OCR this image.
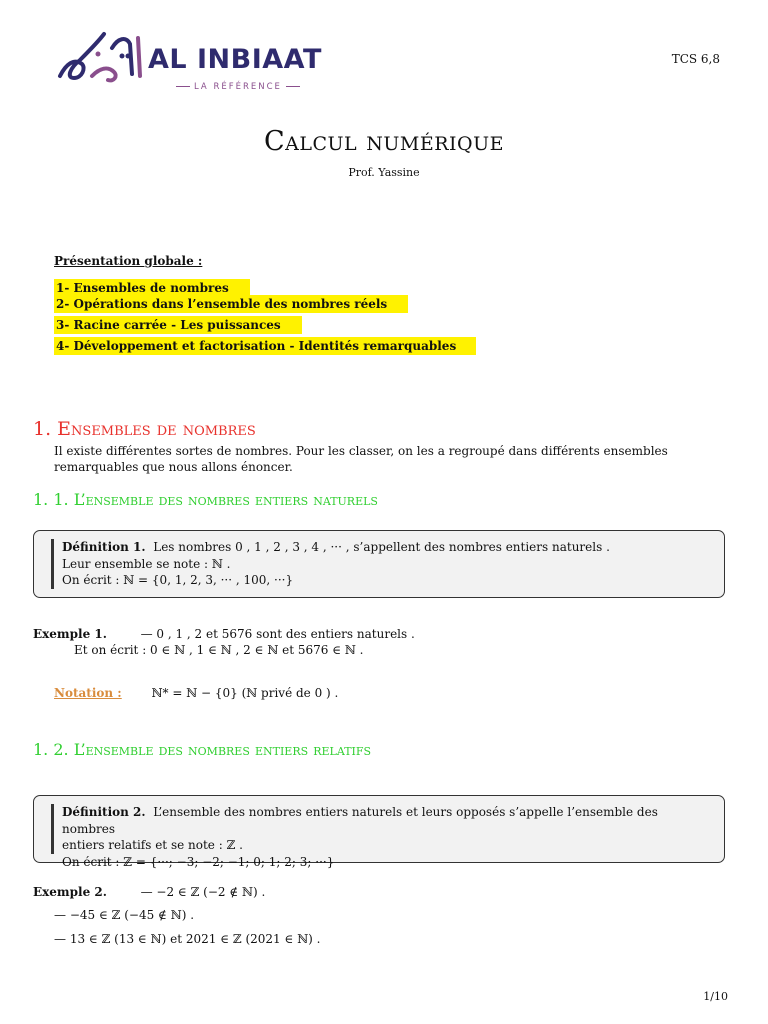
AL INBIAAT
LA RÉFÉRENCE
TCS 6,8
Calcul numérique
Prof. Yassine
Présentation globale :
1- Ensembles de nombres
2- Opérations dans l’ensemble des nombres réels
3- Racine carrée - Les puissances
4- Développement et factorisation - Identités remarquables
1. Ensembles de nombres
Il existe différentes sortes de nombres. Pour les classer, on les a regroupé dans différents ensembles remarquables que nous allons énoncer.
1. 1. L’ensemble des nombres entiers naturels
Définition 1. Les nombres 0 , 1 , 2 , 3 , 4 , ··· , s’appellent des nombres entiers naturels .
Leur ensemble se note : ℕ .
On écrit : ℕ = {0, 1, 2, 3, ··· , 100, ···}
Exemple 1.	— 0 , 1 , 2 et 5676 sont des entiers naturels .
Et on écrit : 0 ∈ ℕ , 1 ∈ ℕ , 2 ∈ ℕ et 5676 ∈ ℕ .
Notation : ℕ* = ℕ − {0} (ℕ privé de 0 ) .
1. 2. L’ensemble des nombres entiers relatifs
Définition 2. L’ensemble des nombres entiers naturels et leurs opposés s’appelle l’ensemble des nombres
entiers relatifs et se note : ℤ .
On écrit : ℤ = {···; −3; −2; −1; 0; 1; 2; 3; ···}
Exemple 2.	— −2 ∈ ℤ (−2 ∉ ℕ) .
— −45 ∈ ℤ (−45 ∉ ℕ) .
— 13 ∈ ℤ (13 ∈ ℕ) et 2021 ∈ ℤ (2021 ∈ ℕ) .
1/10
